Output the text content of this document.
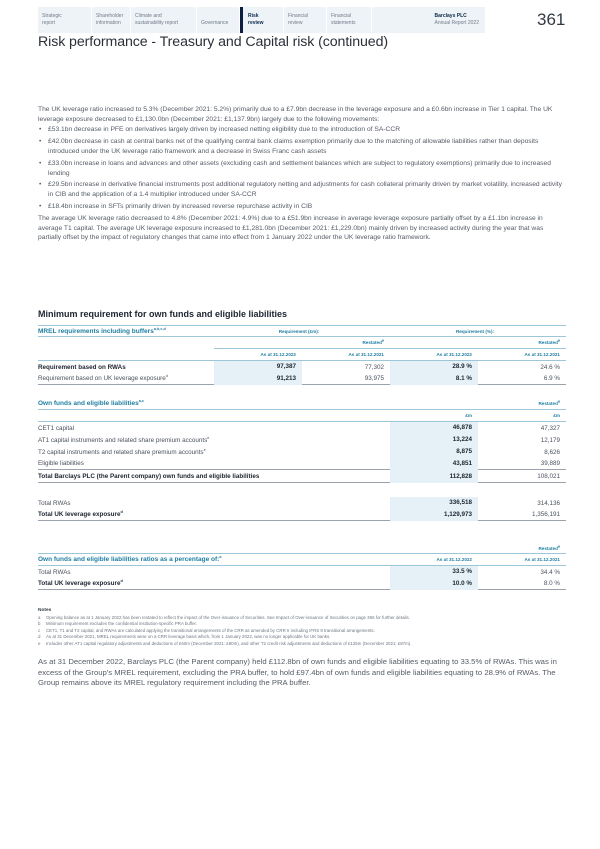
Strategic
report
Shareholder
information
Climate and
sustainability report
	Governance
Risk
review
Financial
review
Financial
statements
Barclays PLC
Annual Report 2022	361
Risk performance - Treasury and Capital risk (continued)

The UK leverage ratio increased to 5.3% (December 2021: 5.2%) primarily due to a £7.9bn decrease in the leverage exposure and a £0.6bn increase in Tier 1 capital. The UK leverage exposure decreased to £1,130.0bn (December 2021: £1,137.9bn) largely due to the following movements:

• £53.1bn decrease in PFE on derivatives largely driven by increased netting eligibility due to the introduction of SA-CCR
• £42.0bn decrease in cash at central banks net of the qualifying central bank claims exemption primarily due to the matching of allowable liabilities rather than deposits introduced under the UK leverage ratio framework and a decrease in Swiss Franc cash assets
• £33.0bn increase in loans and advances and other assets (excluding cash and settlement balances which are subject to regulatory exemptions) primarily due to increased lending
• £29.5bn increase in derivative financial instruments post additional regulatory netting and adjustments for cash collateral primarily driven by market volatility, increased activity in CIB and the application of a 1.4 multiplier introduced under SA-CCR
• £18.4bn increase in SFTs primarily driven by increased reverse repurchase activity in CIB

The average UK leverage ratio decreased to 4.8% (December 2021: 4.9%) due to a £51.9bn increase in average leverage exposure partially offset by a £1.1bn increase in average T1 capital. The average UK leverage exposure increased to £1,281.0bn (December 2021: £1,229.0bn) mainly driven by increased activity during the year that was partially offset by the impact of regulatory changes that came into effect from 1 January 2022 under the UK leverage ratio framework.

Minimum requirement for own funds and eligible liabilities
MREL requirements including buffers$^{a,b,c,d}$
Requirement (£m):	Requirement (%):
Restated$^a$	Restated$^a$
As at 31.12.2022	As at 31.12.2021	As at 31.12.2022	As at 31.12.2021
Requirement based on RWAs	97,387	77,302	28.9 %	24.6 %
Requirement based on UK leverage exposure$^d$	91,213	93,975	8.1 %	6.9 %
Own funds and eligible liabilities$^{a,c}$
Restated$^a$
£m	£m
CET1 capital	46,878	47,327
AT1 capital instruments and related share premium accounts$^e$	13,224	12,179
T2 capital instruments and related share premium accounts$^e$	8,875	8,626
Eligible liabilities	43,851	39,889
Total Barclays PLC (the Parent company) own funds and eligible liabilities	112,828	108,021
Total RWAs	336,518	314,136
Total UK leverage exposure$^d$	1,129,973	1,356,191
Restated$^a$
Own funds and eligible liabilities ratios as a percentage of:$^a$
As at 31.12.2022	As at 31.12.2021
Total RWAs	33.5 %	34.4 %
Total UK leverage exposure$^d$	10.0 %	8.0 %
Notes
a	Opening balance as at 1 January 2022 has been restated to reflect the impact of the Over-issuance of Securities. See Impact of Over-issuance of Securities on page 356 for further details.
b	Minimum requirement excludes the confidential institution-specific PRA buffer.
c	CET1, T1 and T2 capital, and RWAs are calculated applying the transitional arrangements of the CRR as amended by CRR II including IFRS 9 transitional arrangements.
d	As at 31 December 2021, MREL requirements were on a CRR leverage basis which, from 1 January 2022, was no longer applicable for UK banks.
e	Includes other AT1 capital regulatory adjustments and deductions of £60m (December 2021: £80m), and other T2 credit risk adjustments and deductions of £125m (December 2021: £87m).

As at 31 December 2022, Barclays PLC (the Parent company) held £112.8bn of own funds and eligible liabilities equating to 33.5% of RWAs. This was in excess of the Group's MREL requirement, excluding the PRA buffer, to hold £97.4bn of own funds and eligible liabilities equating to 28.9% of RWAs. The Group remains above its MREL regulatory requirement including the PRA buffer.
